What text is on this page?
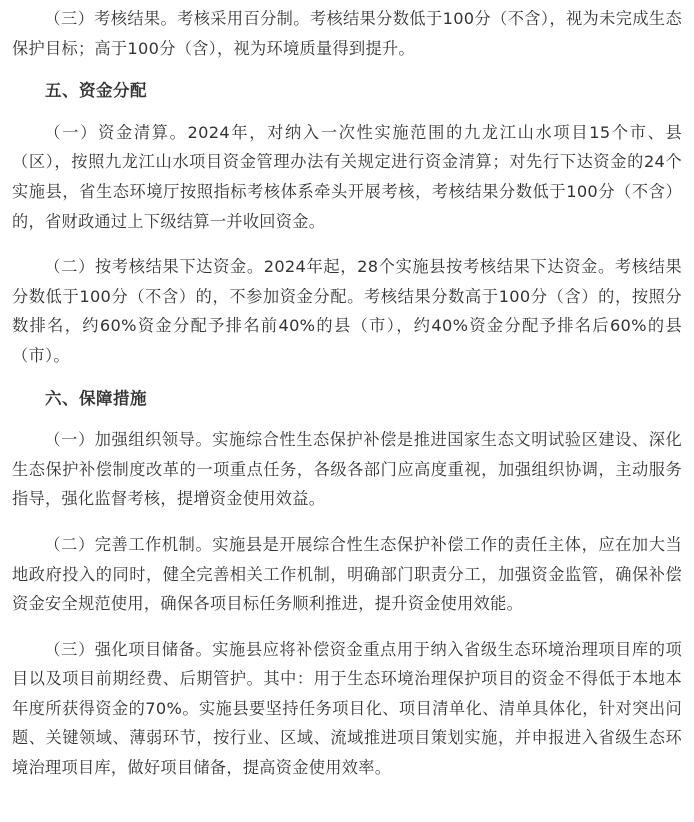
（三）考核结果。考核采用百分制。考核结果分数低于100分（不含），视为未完成生态保护目标；高于100分（含），视为环境质量得到提升。

五、资金分配

（一）资金清算。2024年，对纳入一次性实施范围的九龙江山水项目15个市、县（区），按照九龙江山水项目资金管理办法有关规定进行资金清算；对先行下达资金的24个实施县，省生态环境厅按照指标考核体系牵头开展考核，考核结果分数低于100分（不含）的，省财政通过上下级结算一并收回资金。

（二）按考核结果下达资金。2024年起，28个实施县按考核结果下达资金。考核结果分数低于100分（不含）的，不参加资金分配。考核结果分数高于100分（含）的，按照分数排名，约60%资金分配予排名前40%的县（市），约40%资金分配予排名后60%的县（市）。

六、保障措施

（一）加强组织领导。实施综合性生态保护补偿是推进国家生态文明试验区建设、深化生态保护补偿制度改革的一项重点任务，各级各部门应高度重视，加强组织协调，主动服务指导，强化监督考核，提增资金使用效益。

（二）完善工作机制。实施县是开展综合性生态保护补偿工作的责任主体，应在加大当地政府投入的同时，健全完善相关工作机制，明确部门职责分工，加强资金监管，确保补偿资金安全规范使用，确保各项目标任务顺利推进，提升资金使用效能。

（三）强化项目储备。实施县应将补偿资金重点用于纳入省级生态环境治理项目库的项目以及项目前期经费、后期管护。其中：用于生态环境治理保护项目的资金不得低于本地本年度所获得资金的70%。实施县要坚持任务项目化、项目清单化、清单具体化，针对突出问题、关键领域、薄弱环节，按行业、区域、流域推进项目策划实施，并申报进入省级生态环境治理项目库，做好项目储备，提高资金使用效率。
